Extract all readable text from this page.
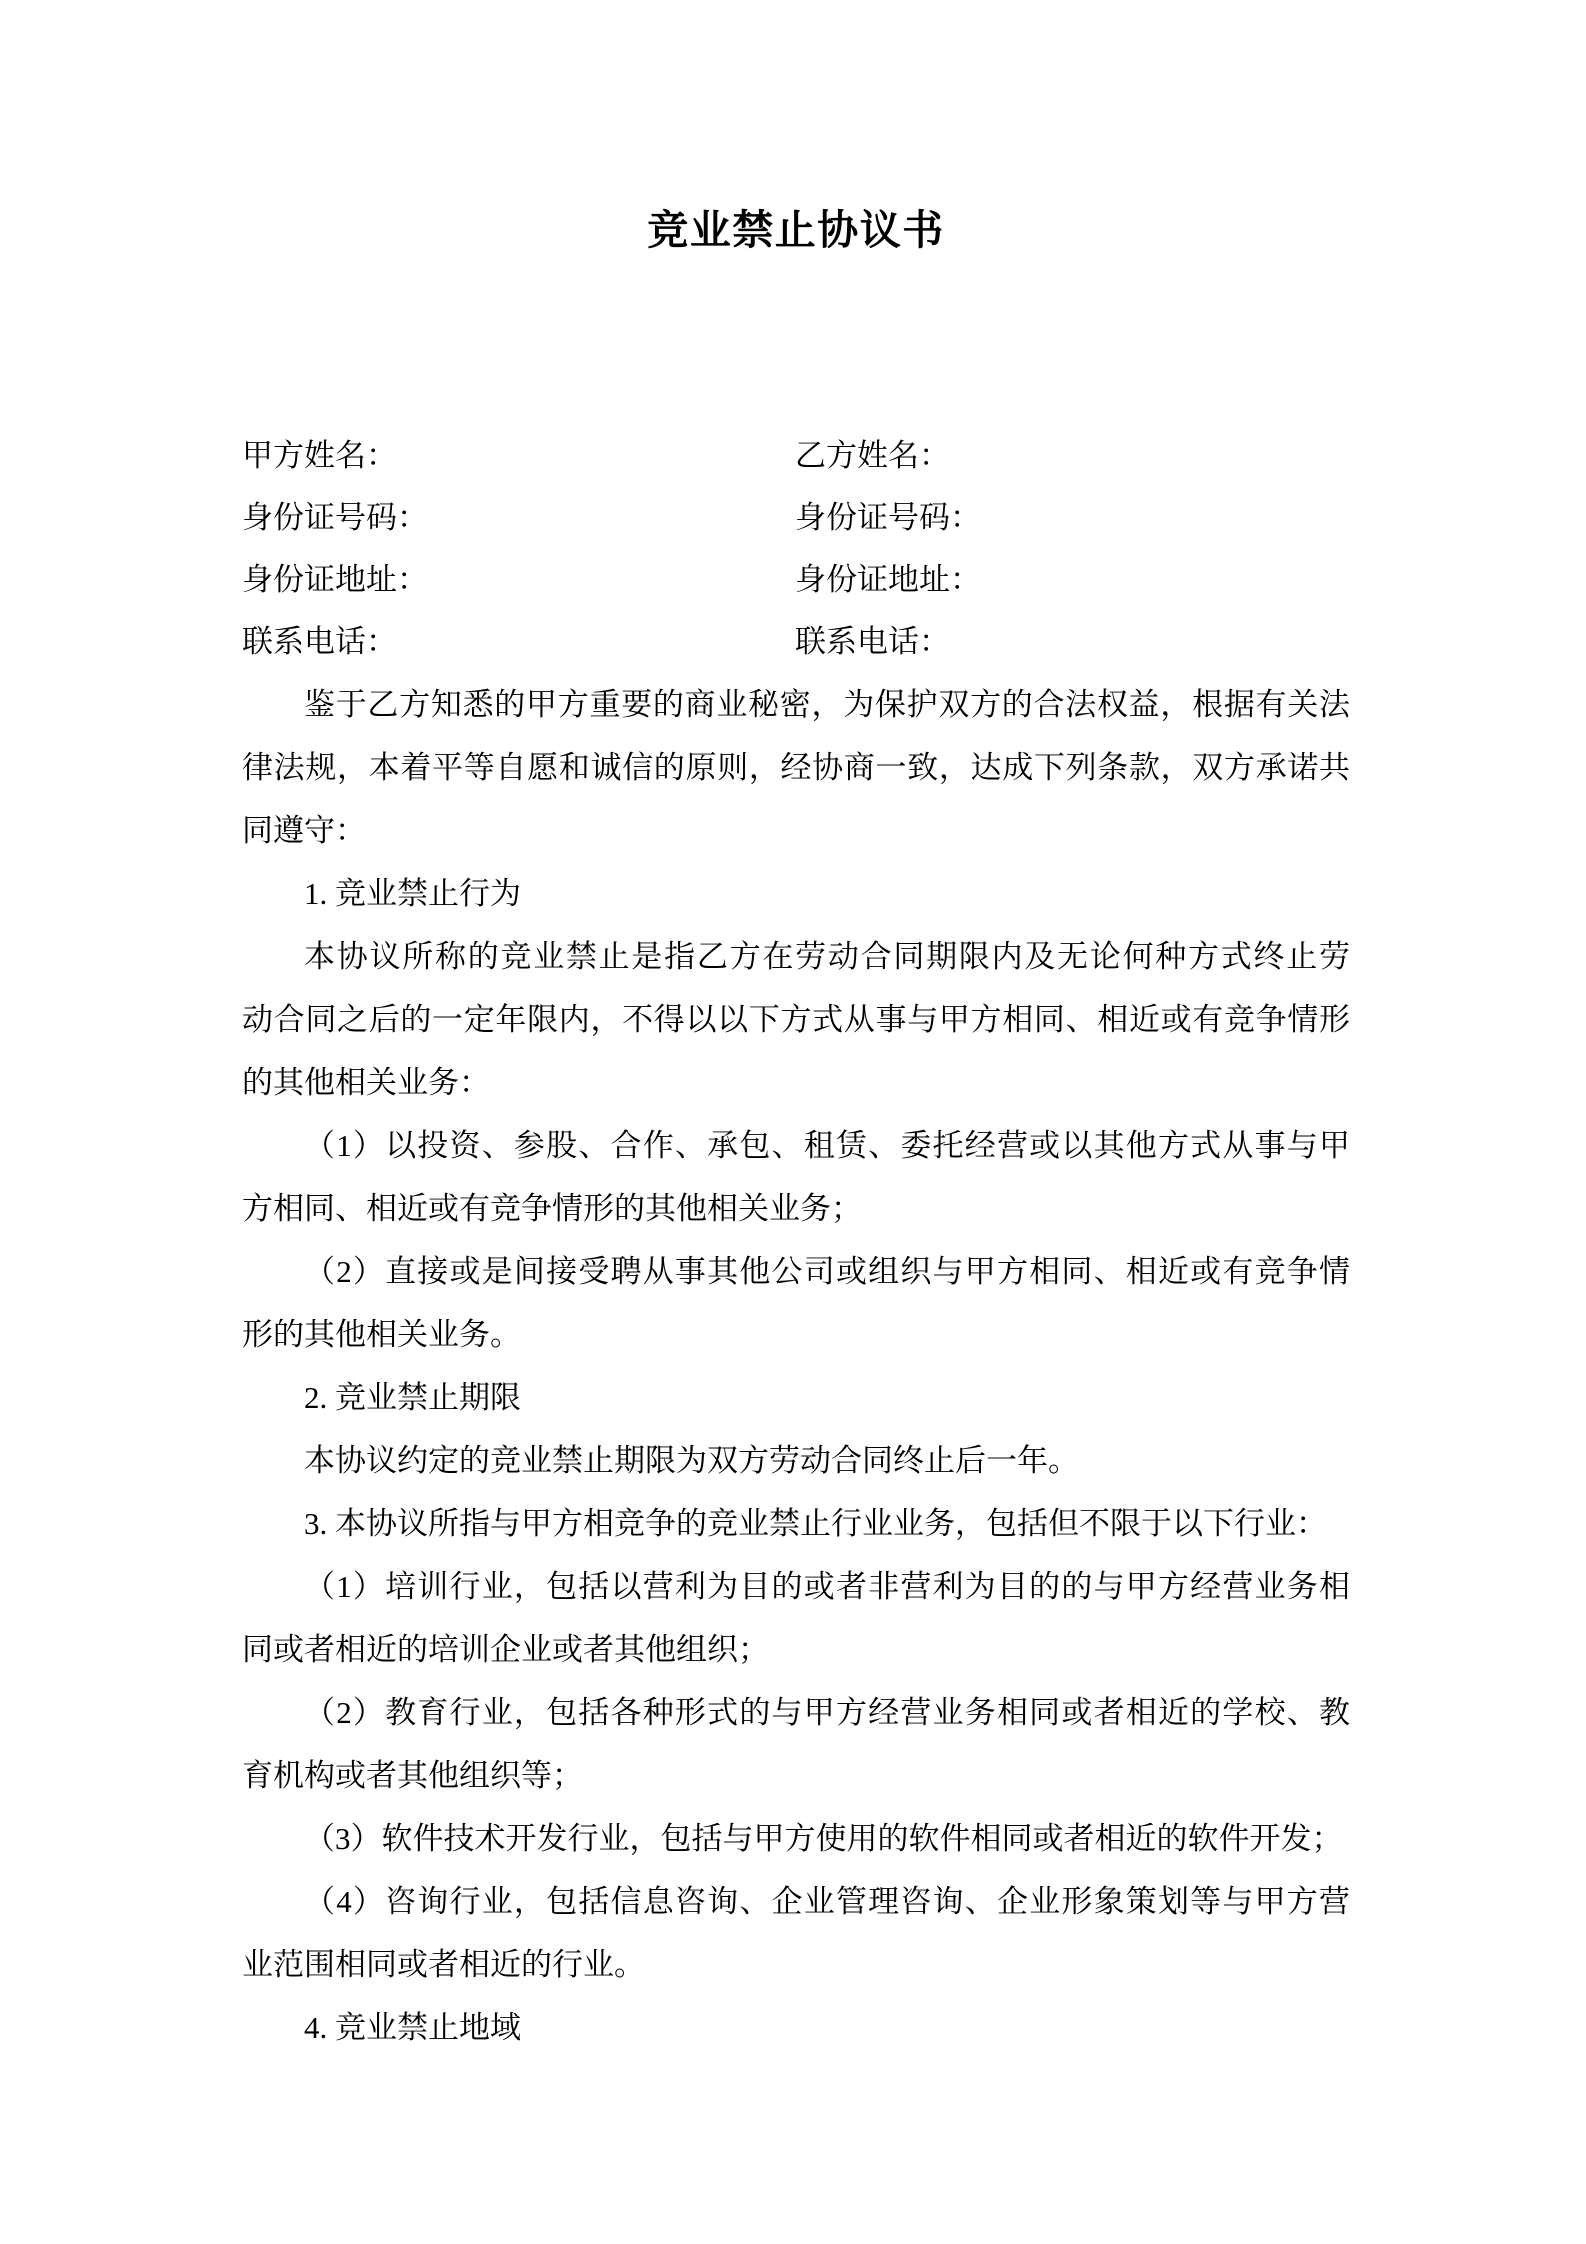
竞业禁止协议书
甲方姓名：	乙方姓名：
身份证号码：	身份证号码：
身份证地址：	身份证地址：
联系电话：	联系电话：
鉴于乙方知悉的甲方重要的商业秘密，为保护双方的合法权益，根据有关法
律法规，本着平等自愿和诚信的原则，经协商一致，达成下列条款，双方承诺共
同遵守：
1. 竞业禁止行为
本协议所称的竞业禁止是指乙方在劳动合同期限内及无论何种方式终止劳
动合同之后的一定年限内，不得以以下方式从事与甲方相同、相近或有竞争情形
的其他相关业务：
（1）以投资、参股、合作、承包、租赁、委托经营或以其他方式从事与甲
方相同、相近或有竞争情形的其他相关业务；
（2）直接或是间接受聘从事其他公司或组织与甲方相同、相近或有竞争情
形的其他相关业务。
2. 竞业禁止期限
本协议约定的竞业禁止期限为双方劳动合同终止后一年。
3. 本协议所指与甲方相竞争的竞业禁止行业业务，包括但不限于以下行业：
（1）培训行业，包括以营利为目的或者非营利为目的的与甲方经营业务相
同或者相近的培训企业或者其他组织；
（2）教育行业，包括各种形式的与甲方经营业务相同或者相近的学校、教
育机构或者其他组织等；
（3）软件技术开发行业，包括与甲方使用的软件相同或者相近的软件开发；
（4）咨询行业，包括信息咨询、企业管理咨询、企业形象策划等与甲方营
业范围相同或者相近的行业。
4. 竞业禁止地域
